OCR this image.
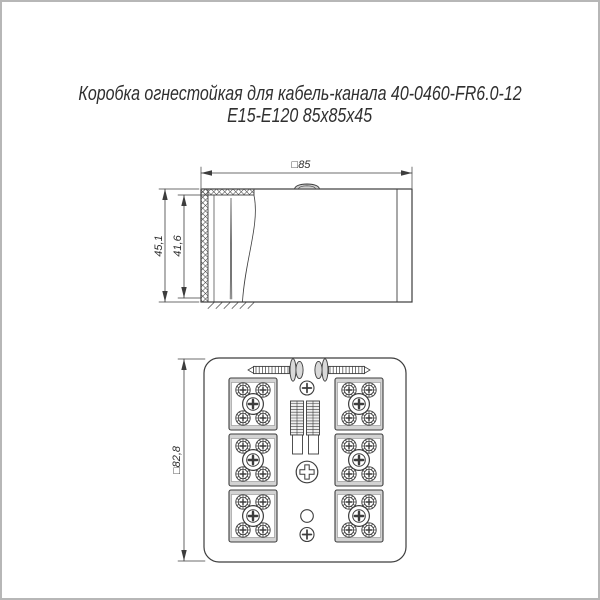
Коробка огнестойкая для кабель-канала 40-0460-FR6.0-12
E15-E120 85x85x45
□85
45,1 41,6
□82,8
